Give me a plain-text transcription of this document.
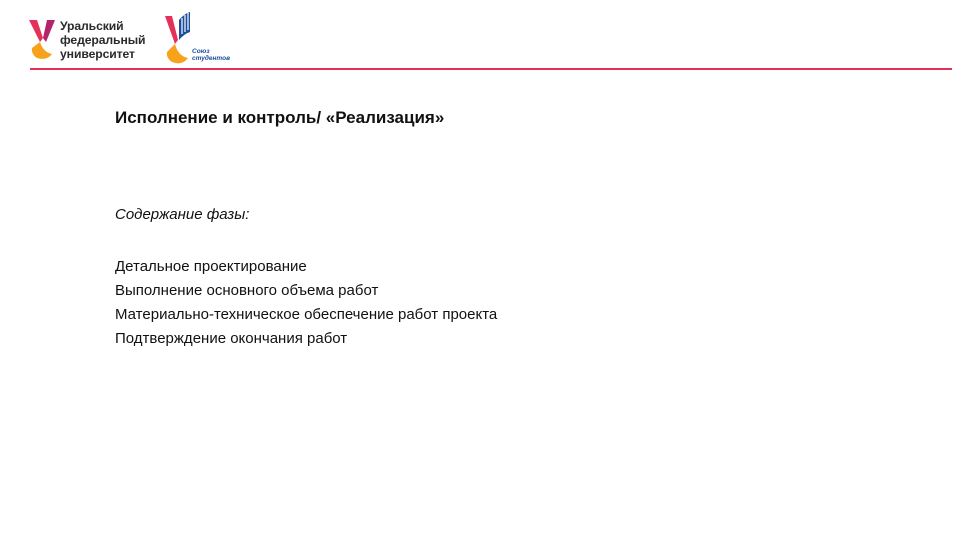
Уральский
федеральный
университет	Союз
студентов
Исполнение и контроль/ «Реализация»
Содержание фазы:
Детальное проектирование
Выполнение основного объема работ
Материально-техническое обеспечение работ проекта
Подтверждение окончания работ
